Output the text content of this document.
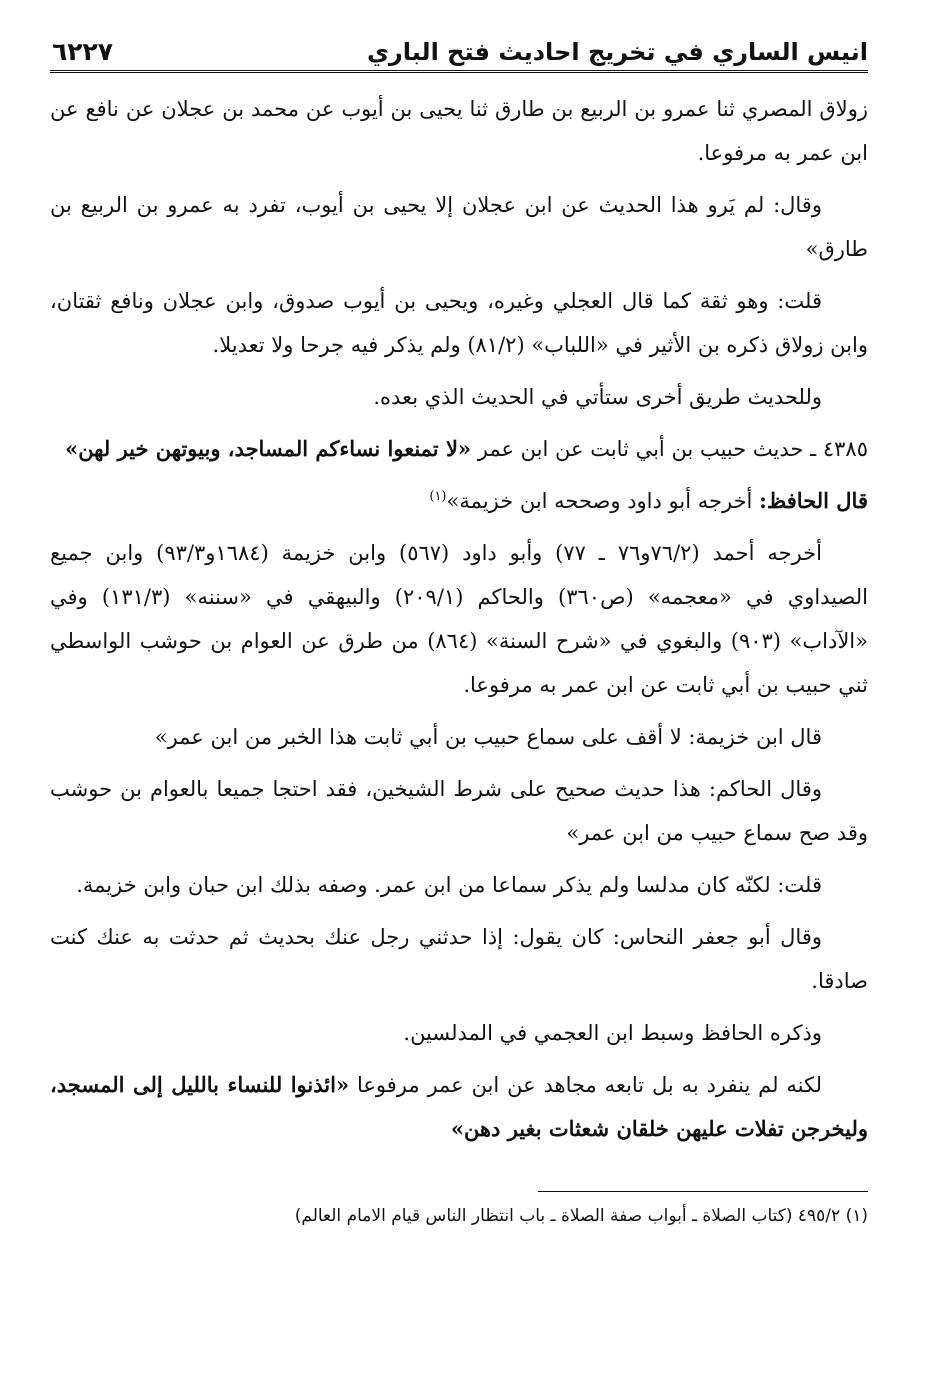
انيس الساري في تخريج احاديث فتح الباري
٦٢٢٧

زولاق المصري ثنا عمرو بن الربيع بن طارق ثنا يحيى بن أيوب عن محمد بن عجلان عن نافع عن ابن عمر به مرفوعا.

وقال: لم يَرو هذا الحديث عن ابن عجلان إلا يحيى بن أيوب، تفرد به عمرو بن الربيع بن طارق»

قلت: وهو ثقة كما قال العجلي وغيره، ويحيى بن أيوب صدوق، وابن عجلان ونافع ثقتان، وابن زولاق ذكره بن الأثير في «اللباب» (٨١/٢) ولم يذكر فيه جرحا ولا تعديلا.

وللحديث طريق أخرى ستأتي في الحديث الذي بعده.

٤٣٨٥ ـ حديث حبيب بن أبي ثابت عن ابن عمر «لا تمنعوا نساءكم المساجد، وبيوتهن خير لهن»

قال الحافظ: أخرجه أبو داود وصححه ابن خزيمة»$^{(١)}$

أخرجه أحمد (٧٦/٢و٧٦ ـ ٧٧) وأبو داود (٥٦٧) وابن خزيمة (١٦٨٤و٩٣/٣) وابن جميع الصيداوي في «معجمه» (ص٣٦٠) والحاكم (٢٠٩/١) والبيهقي في «سننه» (١٣١/٣) وفي «الآداب» (٩٠٣) والبغوي في «شرح السنة» (٨٦٤) من طرق عن العوام بن حوشب الواسطي ثني حبيب بن أبي ثابت عن ابن عمر به مرفوعا.

قال ابن خزيمة: لا أقف على سماع حبيب بن أبي ثابت هذا الخبر من ابن عمر»

وقال الحاكم: هذا حديث صحيح على شرط الشيخين، فقد احتجا جميعا بالعوام بن حوشب وقد صح سماع حبيب من ابن عمر»

قلت: لكنّه كان مدلسا ولم يذكر سماعا من ابن عمر. وصفه بذلك ابن حبان وابن خزيمة.

وقال أبو جعفر النحاس: كان يقول: إذا حدثني رجل عنك بحديث ثم حدثت به عنك كنت صادقا.

وذكره الحافظ وسبط ابن العجمي في المدلسين.

لكنه لم ينفرد به بل تابعه مجاهد عن ابن عمر مرفوعا «ائذنوا للنساء بالليل إلى المسجد، وليخرجن تفلات عليهن خلقان شعثات بغير دهن»

(١) ٤٩٥/٢ (كتاب الصلاة ـ أبواب صفة الصلاة ـ باب انتظار الناس قيام الامام العالم)
